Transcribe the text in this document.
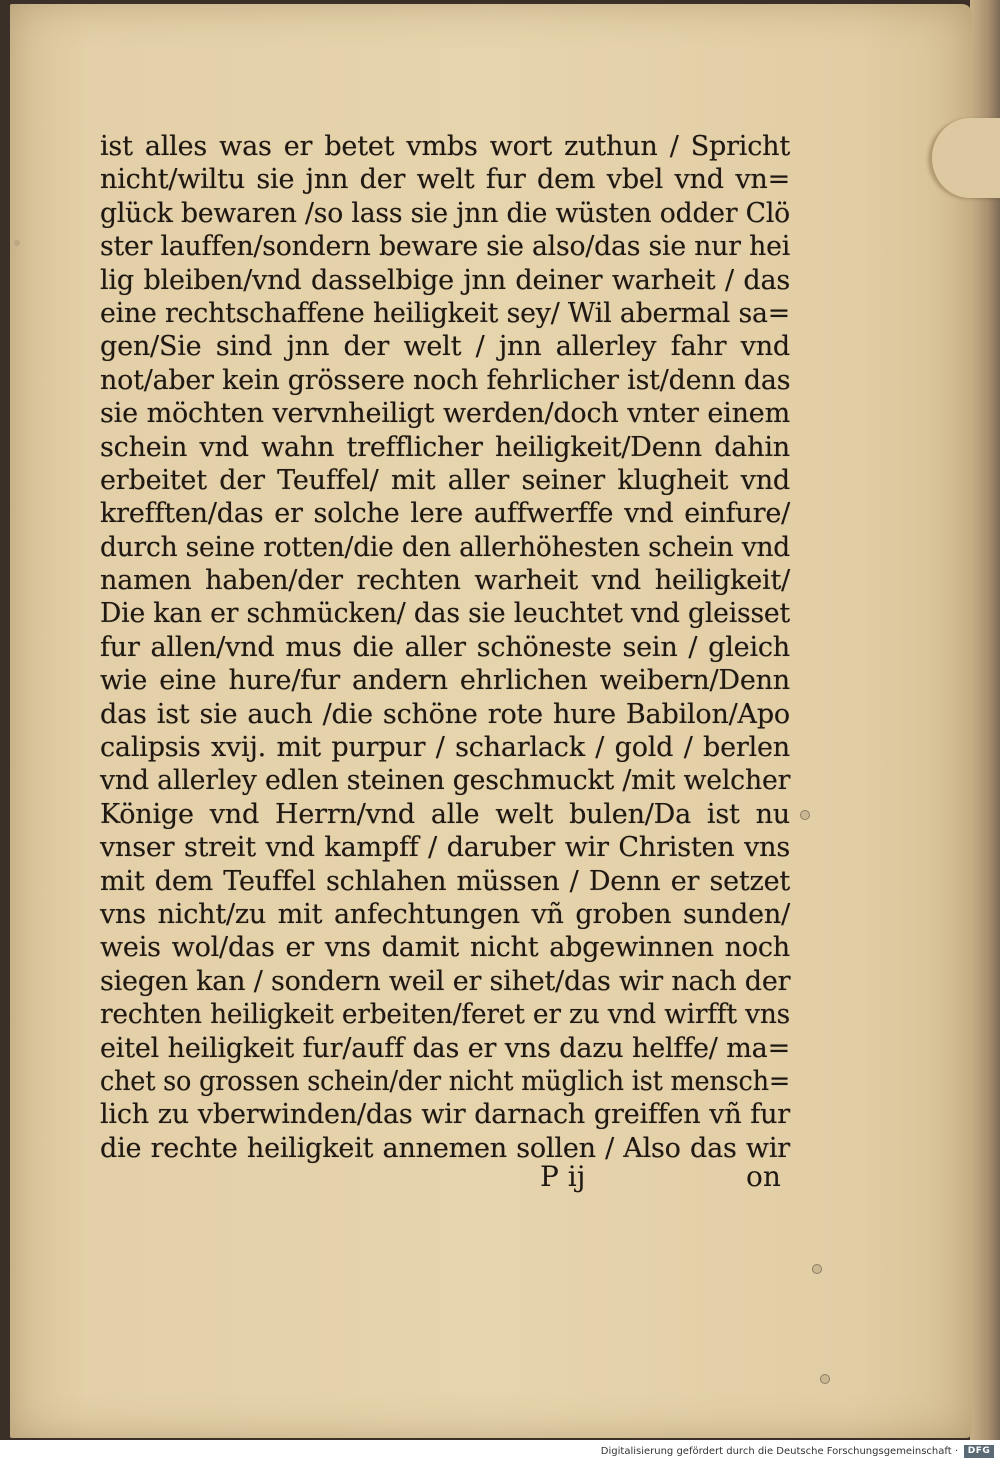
ist alles was er betet vmbs wort zuthun / Spricht
nicht/wiltu sie jnn der welt fur dem vbel vnd vn=
glück bewaren /so lass sie jnn die wüsten odder Clö
ster lauffen/sondern beware sie also/das sie nur hei
lig bleiben/vnd dasselbige jnn deiner warheit / das
eine rechtschaffene heiligkeit sey/ Wil abermal sa=
gen/Sie sind jnn der welt / jnn allerley fahr vnd
not/aber kein grössere noch fehrlicher ist/denn das
sie möchten vervnheiligt werden/doch vnter einem
schein vnd wahn trefflicher heiligkeit/Denn dahin
erbeitet der Teuffel/ mit aller seiner klugheit vnd
krefften/das er solche lere auffwerffe vnd einfure/
durch seine rotten/die den allerhöhesten schein vnd
namen haben/der rechten warheit vnd heiligkeit/
Die kan er schmücken/ das sie leuchtet vnd gleisset
fur allen/vnd mus die aller schöneste sein / gleich
wie eine hure/fur andern ehrlichen weibern/Denn
das ist sie auch /die schöne rote hure Babilon/Apo
calipsis xvij. mit purpur / scharlack / gold / berlen
vnd allerley edlen steinen geschmuckt /mit welcher
Könige vnd Herrn/vnd alle welt bulen/Da ist nu
vnser streit vnd kampff / daruber wir Christen vns
mit dem Teuffel schlahen müssen / Denn er setzet
vns nicht/zu mit anfechtungen vñ groben sunden/
weis wol/das er vns damit nicht abgewinnen noch
siegen kan / sondern weil er sihet/das wir nach der
rechten heiligkeit erbeiten/feret er zu vnd wirfft vns
eitel heiligkeit fur/auff das er vns dazu helffe/ ma=
chet so grossen schein/der nicht müglich ist mensch=
lich zu vberwinden/das wir darnach greiffen vñ fur
die rechte heiligkeit annemen sollen / Also das wir
P ij	on
Digitalisierung gefördert durch die Deutsche Forschungsgemeinschaft ·	DFG
